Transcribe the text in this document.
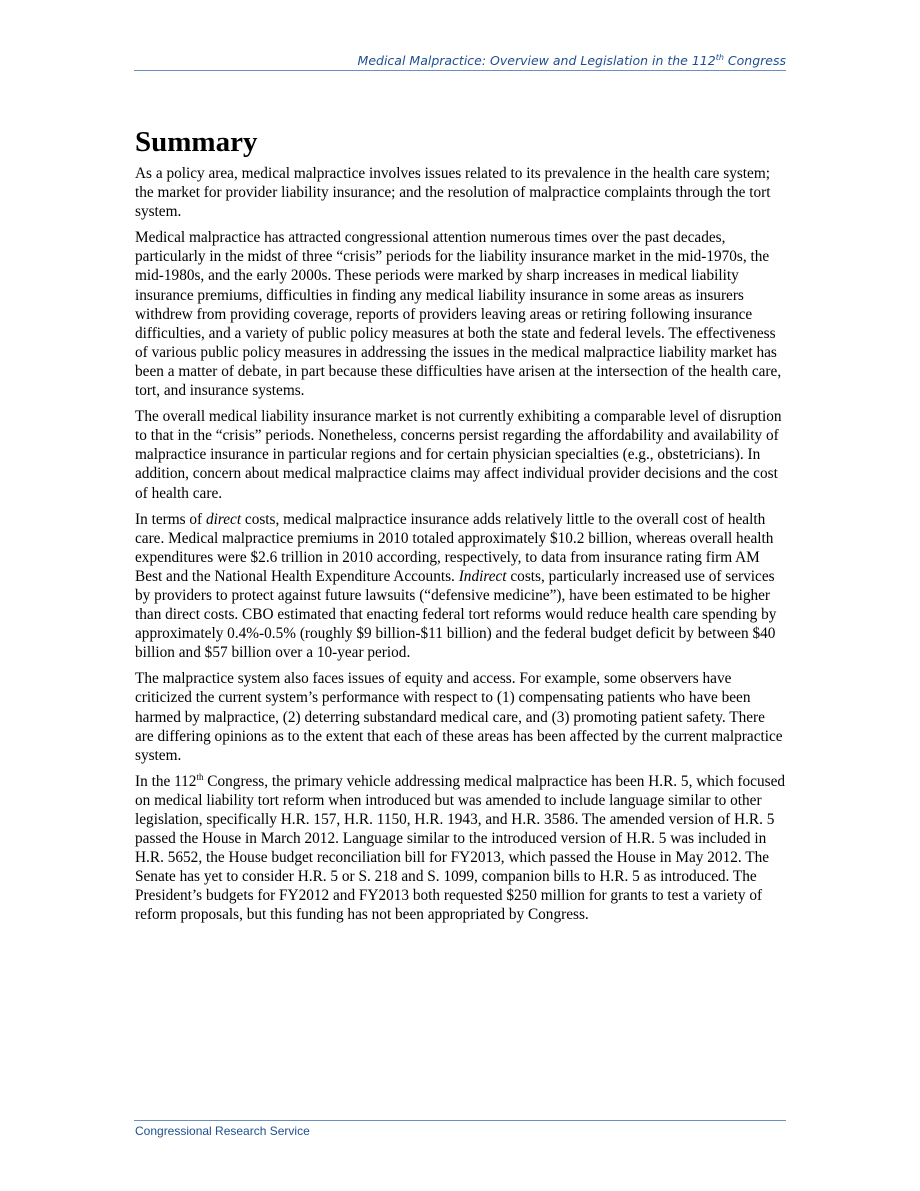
Medical Malpractice: Overview and Legislation in the 112th Congress
Summary

As a policy area, medical malpractice involves issues related to its prevalence in the health care system; the market for provider liability insurance; and the resolution of malpractice complaints through the tort system.

Medical malpractice has attracted congressional attention numerous times over the past decades, particularly in the midst of three “crisis” periods for the liability insurance market in the mid-1970s, the mid-1980s, and the early 2000s. These periods were marked by sharp increases in medical liability insurance premiums, difficulties in finding any medical liability insurance in some areas as insurers withdrew from providing coverage, reports of providers leaving areas or retiring following insurance difficulties, and a variety of public policy measures at both the state and federal levels. The effectiveness of various public policy measures in addressing the issues in the medical malpractice liability market has been a matter of debate, in part because these difficulties have arisen at the intersection of the health care, tort, and insurance systems.

The overall medical liability insurance market is not currently exhibiting a comparable level of disruption to that in the “crisis” periods. Nonetheless, concerns persist regarding the affordability and availability of malpractice insurance in particular regions and for certain physician specialties (e.g., obstetricians). In addition, concern about medical malpractice claims may affect individual provider decisions and the cost of health care.

In terms of direct costs, medical malpractice insurance adds relatively little to the overall cost of health care. Medical malpractice premiums in 2010 totaled approximately $10.2 billion, whereas overall health expenditures were $2.6 trillion in 2010 according, respectively, to data from insurance rating firm AM Best and the National Health Expenditure Accounts. Indirect costs, particularly increased use of services by providers to protect against future lawsuits (“defensive medicine”), have been estimated to be higher than direct costs. CBO estimated that enacting federal tort reforms would reduce health care spending by approximately 0.4%-0.5% (roughly $9 billion-$11 billion) and the federal budget deficit by between $40 billion and $57 billion over a 10-year period.

The malpractice system also faces issues of equity and access. For example, some observers have criticized the current system’s performance with respect to (1) compensating patients who have been harmed by malpractice, (2) deterring substandard medical care, and (3) promoting patient safety. There are differing opinions as to the extent that each of these areas has been affected by the current malpractice system.

In the 112th Congress, the primary vehicle addressing medical malpractice has been H.R. 5, which focused on medical liability tort reform when introduced but was amended to include language similar to other legislation, specifically H.R. 157, H.R. 1150, H.R. 1943, and H.R. 3586. The amended version of H.R. 5 passed the House in March 2012. Language similar to the introduced version of H.R. 5 was included in H.R. 5652, the House budget reconciliation bill for FY2013, which passed the House in May 2012. The Senate has yet to consider H.R. 5 or S. 218 and S. 1099, companion bills to H.R. 5 as introduced. The President’s budgets for FY2012 and FY2013 both requested $250 million for grants to test a variety of reform proposals, but this funding has not been appropriated by Congress.

Congressional Research Service
